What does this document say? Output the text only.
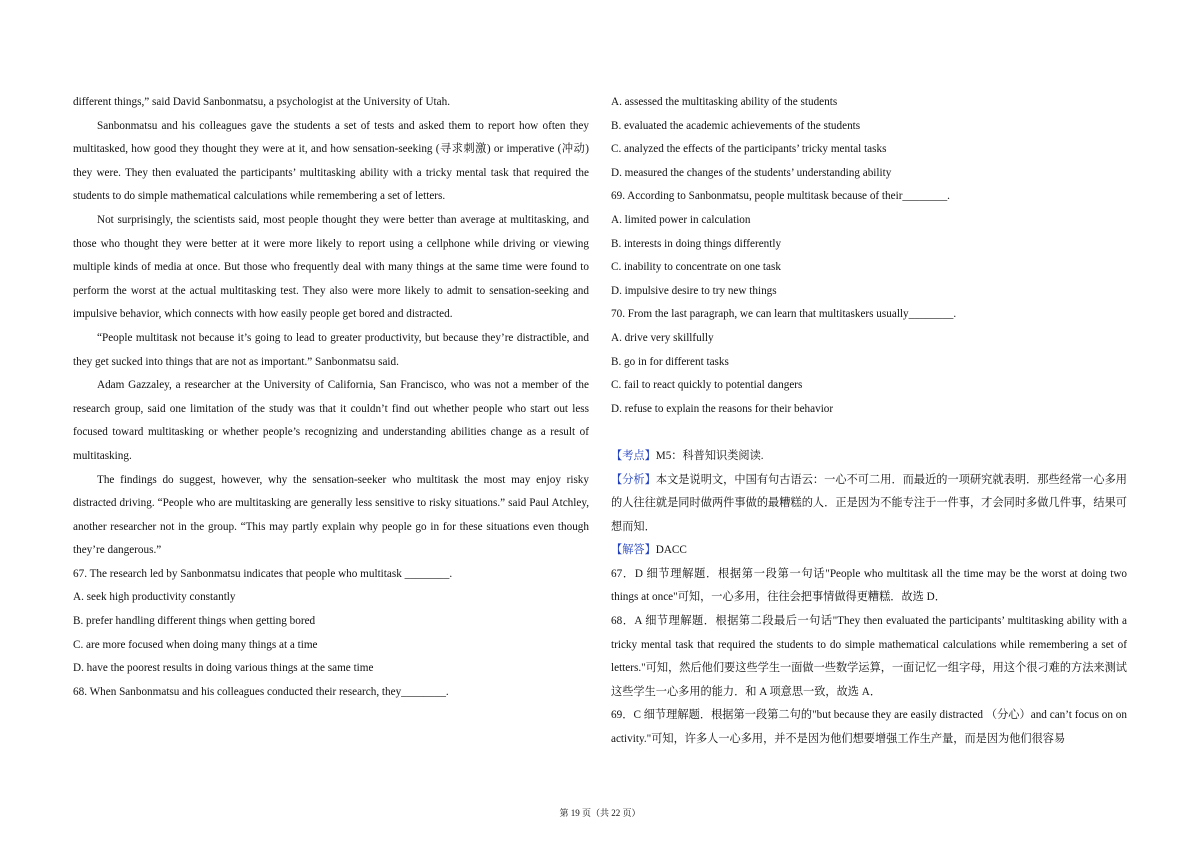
different things,” said David Sanbonmatsu, a psychologist at the University of Utah.

Sanbonmatsu and his colleagues gave the students a set of tests and asked them to report how often they multitasked, how good they thought they were at it, and how sensation-seeking (寻求刺激) or imperative (冲动) they were. They then evaluated the participants’ multitasking ability with a tricky mental task that required the students to do simple mathematical calculations while remembering a set of letters.

Not surprisingly, the scientists said, most people thought they were better than average at multitasking, and those who thought they were better at it were more likely to report using a cellphone while driving or viewing multiple kinds of media at once. But those who frequently deal with many things at the same time were found to perform the worst at the actual multitasking test. They also were more likely to admit to sensation-seeking and impulsive behavior, which connects with how easily people get bored and distracted.

“People multitask not because it’s going to lead to greater productivity, but because they’re distractible, and they get sucked into things that are not as important.” Sanbonmatsu said.

Adam Gazzaley, a researcher at the University of California, San Francisco, who was not a member of the research group, said one limitation of the study was that it couldn’t find out whether people who start out less focused toward multitasking or whether people’s recognizing and understanding abilities change as a result of multitasking.

The findings do suggest, however, why the sensation-seeker who multitask the most may enjoy risky distracted driving. “People who are multitasking are generally less sensitive to risky situations.” said Paul Atchley, another researcher not in the group. “This may partly explain why people go in for these situations even though they’re dangerous.”

67. The research led by Sanbonmatsu indicates that people who multitask ________.

A. seek high productivity constantly

B. prefer handling different things when getting bored

C. are more focused when doing many things at a time

D. have the poorest results in doing various things at the same time

68. When Sanbonmatsu and his colleagues conducted their research, they________.

A. assessed the multitasking ability of the students

B. evaluated the academic achievements of the students

C. analyzed the effects of the participants’ tricky mental tasks

D. measured the changes of the students’ understanding ability

69. According to Sanbonmatsu, people multitask because of their________.

A. limited power in calculation

B. interests in doing things differently

C. inability to concentrate on one task

D. impulsive desire to try new things

70. From the last paragraph, we can learn that multitaskers usually________.

A. drive very skillfully

B. go in for different tasks

C. fail to react quickly to potential dangers

D. refuse to explain the reasons for their behavior

【考点】M5：科普知识类阅读.

【分析】本文是说明文，中国有句古语云：一心不可二用．而最近的一项研究就表明．那些经常一心多用的人往往就是同时做两件事做的最糟糕的人．正是因为不能专注于一件事，才会同时多做几件事，结果可想而知．

【解答】DACC

67．D 细节理解题．根据第一段第一句话"People who multitask all the time may be the worst at doing two things at once"可知，一心多用，往往会把事情做得更糟糕．故选 D．

68．A 细节理解题．根据第二段最后一句话"They then evaluated the participants’ multitasking ability with a tricky mental task that required the students to do simple mathematical calculations while remembering a set of letters."可知，然后他们要这些学生一面做一些数学运算，一面记忆一组字母，用这个很刁难的方法来测试这些学生一心多用的能力．和 A 项意思一致，故选 A．

69．C 细节理解题．根据第一段第二句的"but because they are easily distracted （分心）and can’t focus on on activity."可知，许多人一心多用，并不是因为他们想要增强工作生产量，而是因为他们很容易

第 19 页（共 22 页）
